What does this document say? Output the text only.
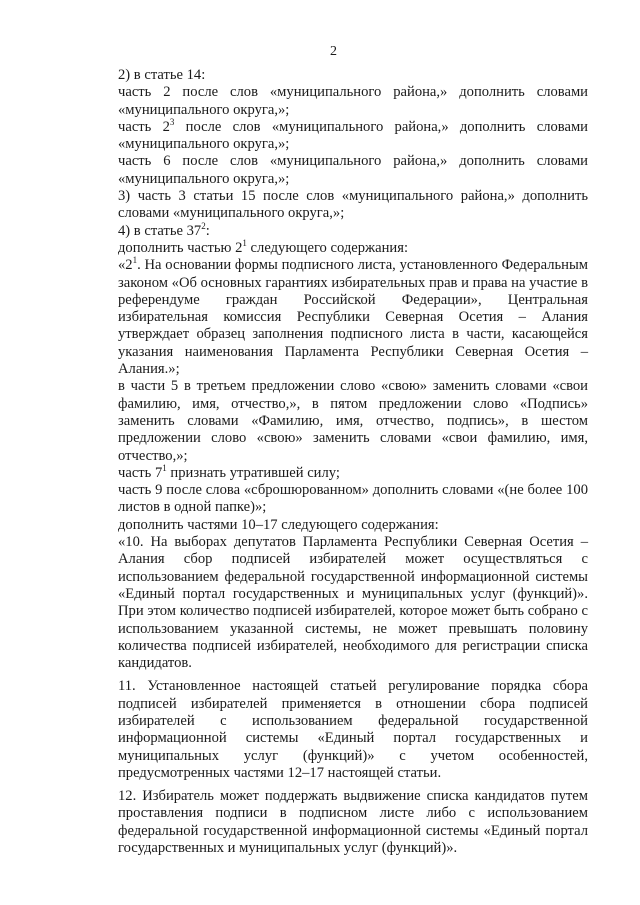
2

2) в статье 14:

часть 2 после слов «муниципального района,» дополнить словами «муниципального округа,»;

часть $2^3$ после слов «муниципального района,» дополнить словами «муниципального округа,»;

часть 6 после слов «муниципального района,» дополнить словами «муниципального округа,»;

3) часть 3 статьи 15 после слов «муниципального района,» дополнить словами «муниципального округа,»;

4) в статье $37^2$:

дополнить частью $2^1$ следующего содержания:

«$2^1$. На основании формы подписного листа, установленного Федеральным законом «Об основных гарантиях избирательных прав и права на участие в референдуме граждан Российской Федерации», Центральная избирательная комиссия Республики Северная Осетия – Алания утверждает образец заполнения подписного листа в части, касающейся указания наименования Парламента Республики Северная Осетия – Алания.»;

в части 5 в третьем предложении слово «свою» заменить словами «свои фамилию, имя, отчество,», в пятом предложении слово «Подпись» заменить словами «Фамилию, имя, отчество, подпись», в шестом предложении слово «свою» заменить словами «свои фамилию, имя, отчество,»;

часть $7^1$ признать утратившей силу;

часть 9 после слова «сброшюрованном» дополнить словами «(не более 100 листов в одной папке)»;

дополнить частями 10–17 следующего содержания:

«10. На выборах депутатов Парламента Республики Северная Осетия – Алания сбор подписей избирателей может осуществляться с использованием федеральной государственной информационной системы «Единый портал государственных и муниципальных услуг (функций)». При этом количество подписей избирателей, которое может быть собрано с использованием указанной системы, не может превышать половину количества подписей избирателей, необходимого для регистрации списка кандидатов.

11. Установленное настоящей статьей регулирование порядка сбора подписей избирателей применяется в отношении сбора подписей избирателей с использованием федеральной государственной информационной системы «Единый портал государственных и муниципальных услуг (функций)» с учетом особенностей, предусмотренных частями 12–17 настоящей статьи.

12. Избиратель может поддержать выдвижение списка кандидатов путем проставления подписи в подписном листе либо с использованием федеральной государственной информационной системы «Единый портал государственных и муниципальных услуг (функций)».
